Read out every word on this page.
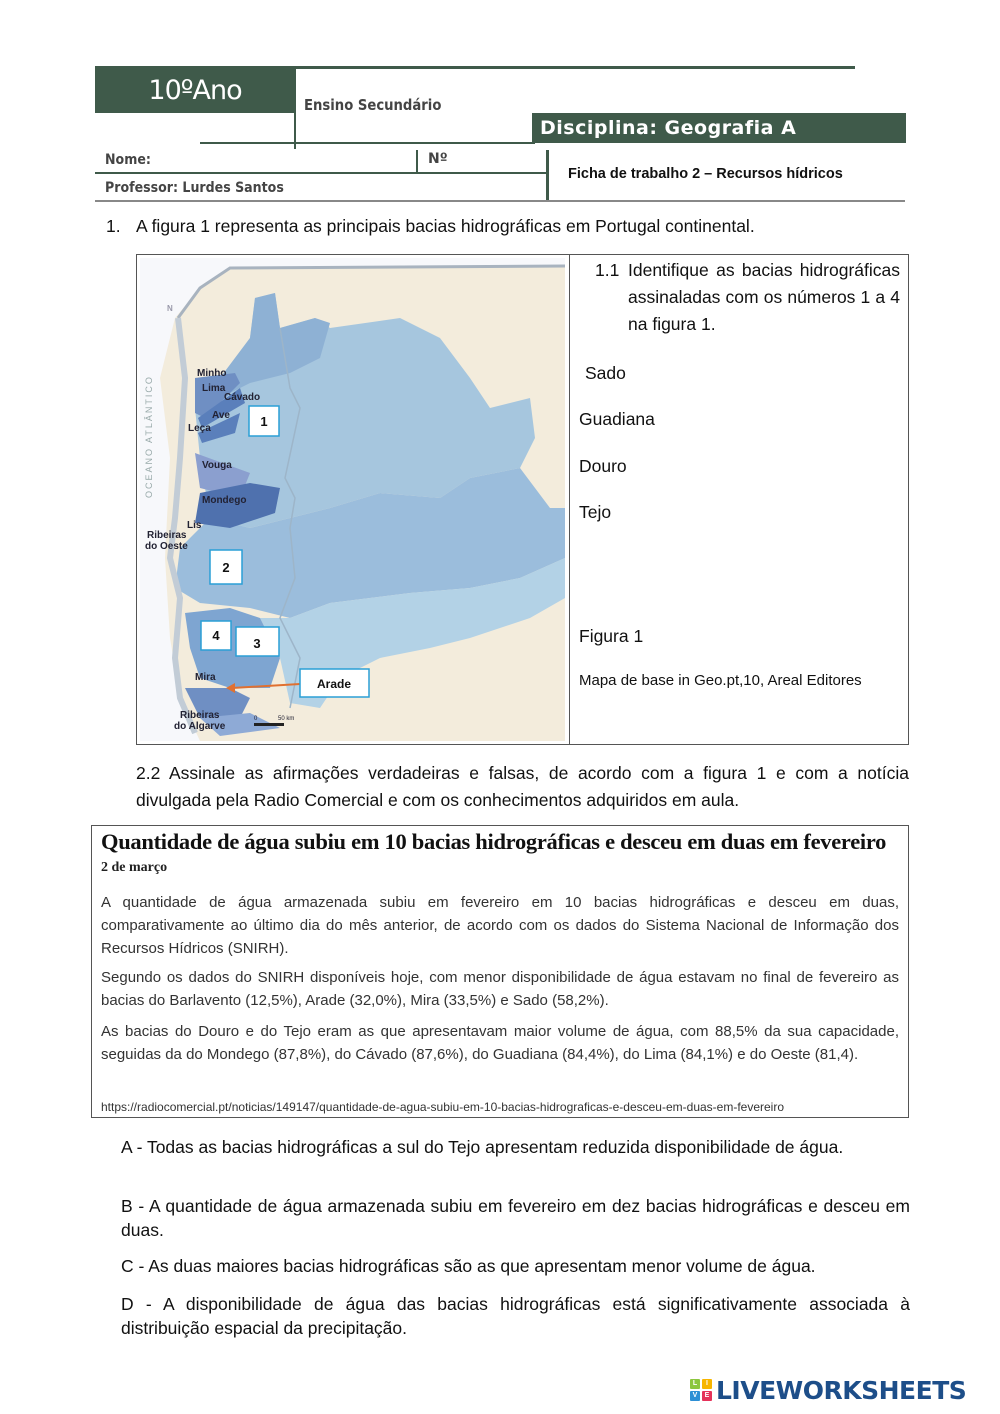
10ºAno	Ensino Secundário
Disciplina: Geografia A
Nome:	Nº
Professor: Lurdes Santos
Ficha de trabalho 2 – Recursos hídricos
1. A figura 1 representa as principais bacias hidrográficas em Portugal continental.
OCEANO ATLÂNTICO
N
Minho
Lima
Cávado
Ave
Leça
Vouga
Mondego
Lis
Ribeiras
do Oeste
Mira
Ribeiras
do Algarve
0	50 km
1
2
3
4
Arade
1.1 Identifique as bacias hidrográficas assinaladas com os números 1 a 4 na figura 1.
Sado
Guadiana
Douro
Tejo
Figura 1
Mapa de base in Geo.pt,10, Areal Editores
2.2 Assinale as afirmações verdadeiras e falsas, de acordo com a figura 1 e com a notícia divulgada pela Radio Comercial e com os conhecimentos adquiridos em aula.
Quantidade de água subiu em 10 bacias hidrográficas e desceu em duas em fevereiro
2 de março
A quantidade de água armazenada subiu em fevereiro em 10 bacias hidrográficas e desceu em duas, comparativamente ao último dia do mês anterior, de acordo com os dados do Sistema Nacional de Informação dos Recursos Hídricos (SNIRH).
Segundo os dados do SNIRH disponíveis hoje, com menor disponibilidade de água estavam no final de fevereiro as bacias do Barlavento (12,5%), Arade (32,0%), Mira (33,5%) e Sado (58,2%).
As bacias do Douro e do Tejo eram as que apresentavam maior volume de água, com 88,5% da sua capacidade, seguidas da do Mondego (87,8%), do Cávado (87,6%), do Guadiana (84,4%), do Lima (84,1%) e do Oeste (81,4).
https://radiocomercial.pt/noticias/149147/quantidade-de-agua-subiu-em-10-bacias-hidrograficas-e-desceu-em-duas-em-fevereiro
A - Todas as bacias hidrográficas a sul do Tejo apresentam reduzida disponibilidade de água.
B - A quantidade de água armazenada subiu em fevereiro em dez bacias hidrográficas e desceu em duas.
C - As duas maiores bacias hidrográficas são as que apresentam menor volume de água.
D - A disponibilidade de água das bacias hidrográficas está significativamente associada à distribuição espacial da precipitação.
L	I
V	E LIVEWORKSHEETS
